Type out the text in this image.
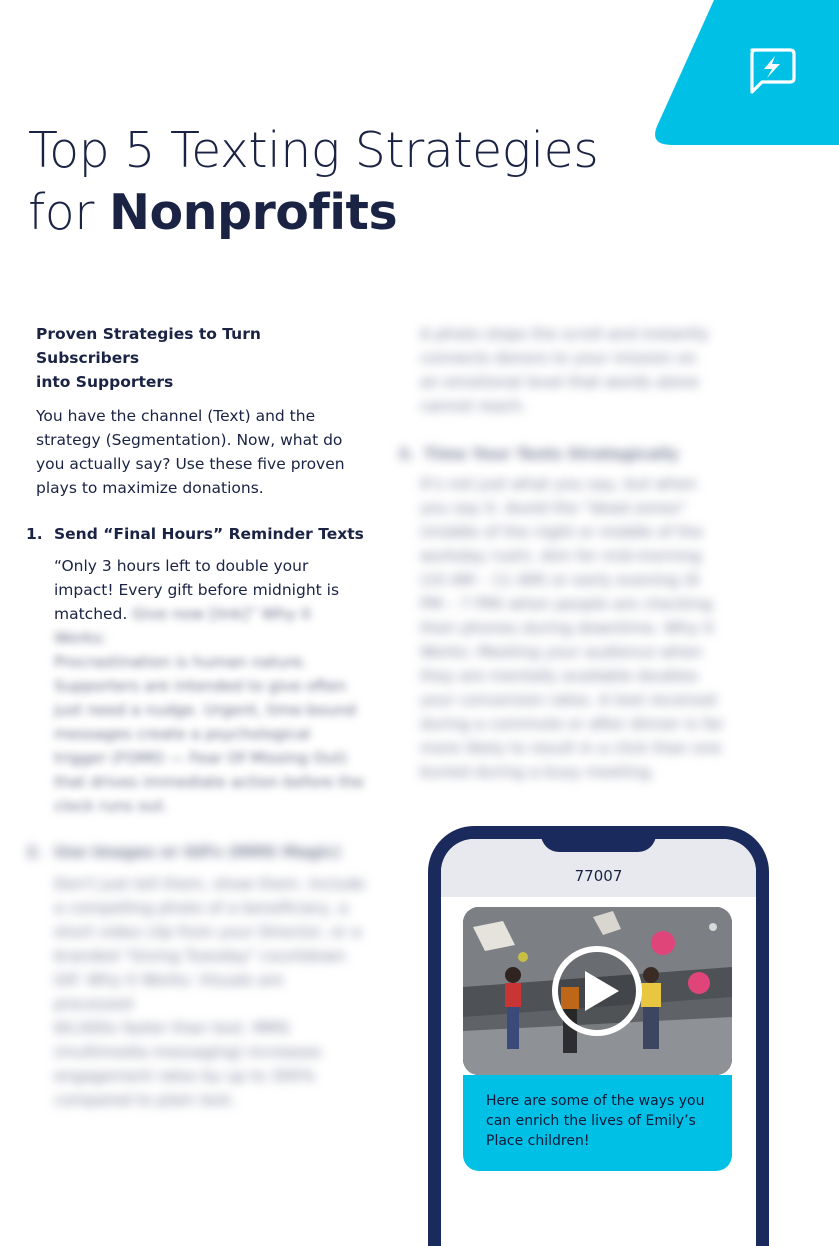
Top 5 Texting Strategies
for Nonprofits

Proven Strategies to Turn Subscribers
into Supporters

You have the channel (Text) and the
strategy (Segmentation). Now, what do
you actually say? Use these five proven
plays to maximize donations.

1. Send “Final Hours” Reminder Texts
“Only 3 hours left to double your
impact! Every gift before midnight is
matched. Give now [link]” Why it Works:
Procrastination is human nature.
Supporters are intended to give often
just need a nudge. Urgent, time-bound
messages create a psychological
trigger (FOMO — Fear Of Missing Out)
that drives immediate action before the
clock runs out.
2. Use Images or GIFs (MMS Magic)
Don't just tell them, show them. Include
a compelling photo of a beneficiary, a
short video clip from your Director, or a
branded "Giving Tuesday" countdown
GIF. Why it Works: Visuals are processed
60,000x faster than text. MMS
(multimedia messaging) increases
engagement rates by up to 300%
compared to plain text.
A photo stops the scroll and instantly
connects donors to your mission on
an emotional level that words alone
cannot reach.
3. Time Your Texts Strategically
It's not just what you say, but when
you say it. Avoid the "dead zones"
(middle of the night or middle of the
workday rush). Aim for mid-morning
(10 AM – 11 AM) or early evening (6
PM – 7 PM) when people are checking
their phones during downtime. Why it
Works: Meeting your audience when
they are mentally available doubles
your conversion rates. A text received
during a commute or after dinner is far
more likely to result in a click than one
buried during a busy meeting.
77007
Here are some of the ways you can enrich the lives of Emily’s Place children!
